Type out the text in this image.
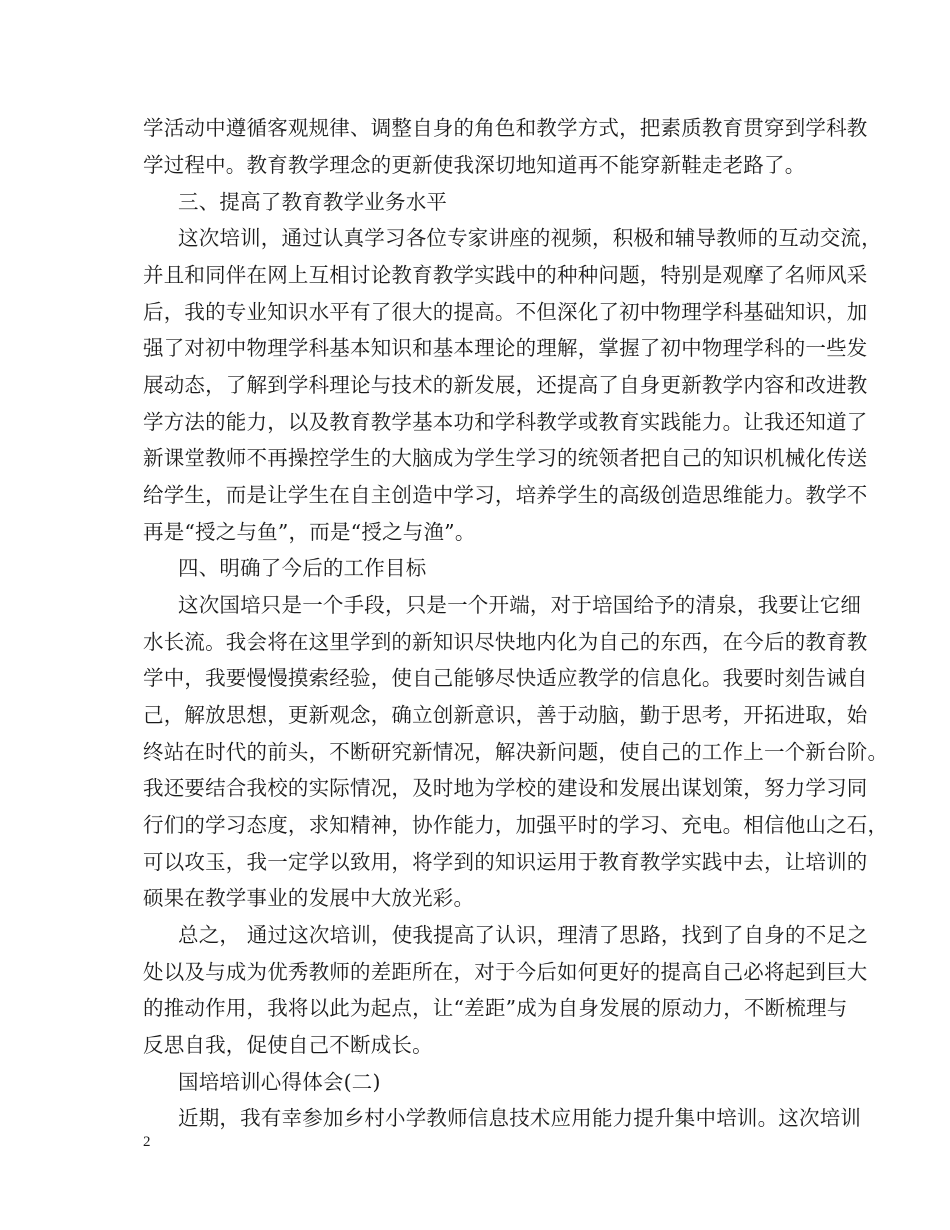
学活动中遵循客观规律、调整自身的角色和教学方式，把素质教育贯穿到学科教
学过程中。教育教学理念的更新使我深切地知道再不能穿新鞋走老路了。
三、提高了教育教学业务水平
这次培训，通过认真学习各位专家讲座的视频，积极和辅导教师的互动交流，
并且和同伴在网上互相讨论教育教学实践中的种种问题，特别是观摩了名师风采
后，我的专业知识水平有了很大的提高。不但深化了初中物理学科基础知识，加
强了对初中物理学科基本知识和基本理论的理解，掌握了初中物理学科的一些发
展动态，了解到学科理论与技术的新发展，还提高了自身更新教学内容和改进教
学方法的能力，以及教育教学基本功和学科教学或教育实践能力。让我还知道了
新课堂教师不再操控学生的大脑成为学生学习的统领者把自己的知识机械化传送
给学生，而是让学生在自主创造中学习，培养学生的高级创造思维能力。教学不
再是“授之与鱼”，而是“授之与渔”。
四、明确了今后的工作目标
这次国培只是一个手段，只是一个开端，对于培国给予的清泉，我要让它细
水长流。我会将在这里学到的新知识尽快地内化为自己的东西，在今后的教育教
学中，我要慢慢摸索经验，使自己能够尽快适应教学的信息化。我要时刻告诫自
己，解放思想，更新观念，确立创新意识，善于动脑，勤于思考，开拓进取，始
终站在时代的前头，不断研究新情况，解决新问题，使自己的工作上一个新台阶。
我还要结合我校的实际情况，及时地为学校的建设和发展出谋划策，努力学习同
行们的学习态度，求知精神，协作能力，加强平时的学习、充电。相信他山之石，
可以攻玉，我一定学以致用，将学到的知识运用于教育教学实践中去，让培训的
硕果在教学事业的发展中大放光彩。
总之， 通过这次培训，使我提高了认识，理清了思路，找到了自身的不足之
处以及与成为优秀教师的差距所在，对于今后如何更好的提高自己必将起到巨大
的推动作用，我将以此为起点，让“差距”成为自身发展的原动力，不断梳理与
反思自我，促使自己不断成长。
国培培训心得体会(二)
近期，我有幸参加乡村小学教师信息技术应用能力提升集中培训。这次培训
2
